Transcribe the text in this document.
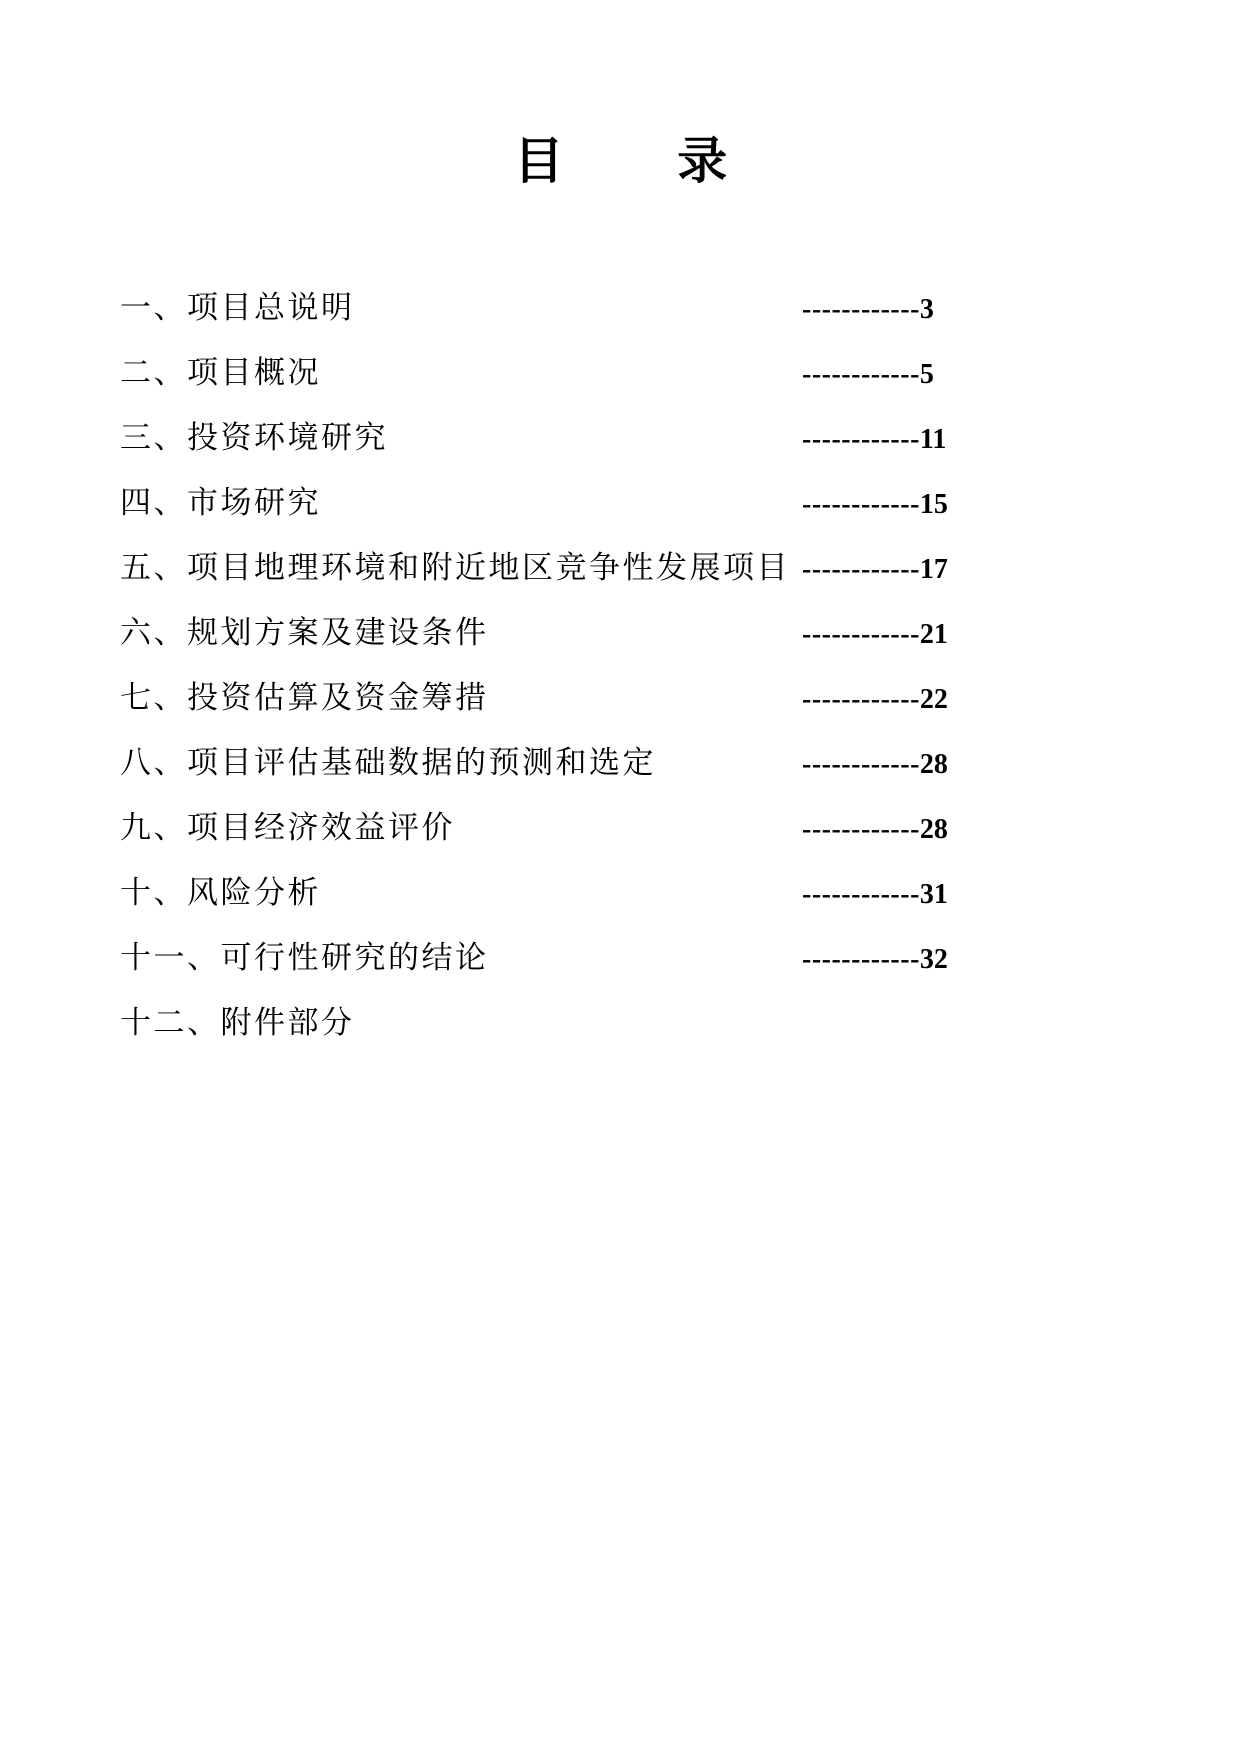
目 录
一、项目总说明	------------3
二、项目概况	------------5
三、投资环境研究	------------11
四、市场研究	------------15
五、项目地理环境和附近地区竞争性发展项目 ------------17
六、规划方案及建设条件	------------21
七、投资估算及资金筹措	------------22
八、项目评估基础数据的预测和选定	------------28
九、项目经济效益评价	------------28
十、风险分析	------------31
十一、可行性研究的结论	------------32
十二、附件部分
